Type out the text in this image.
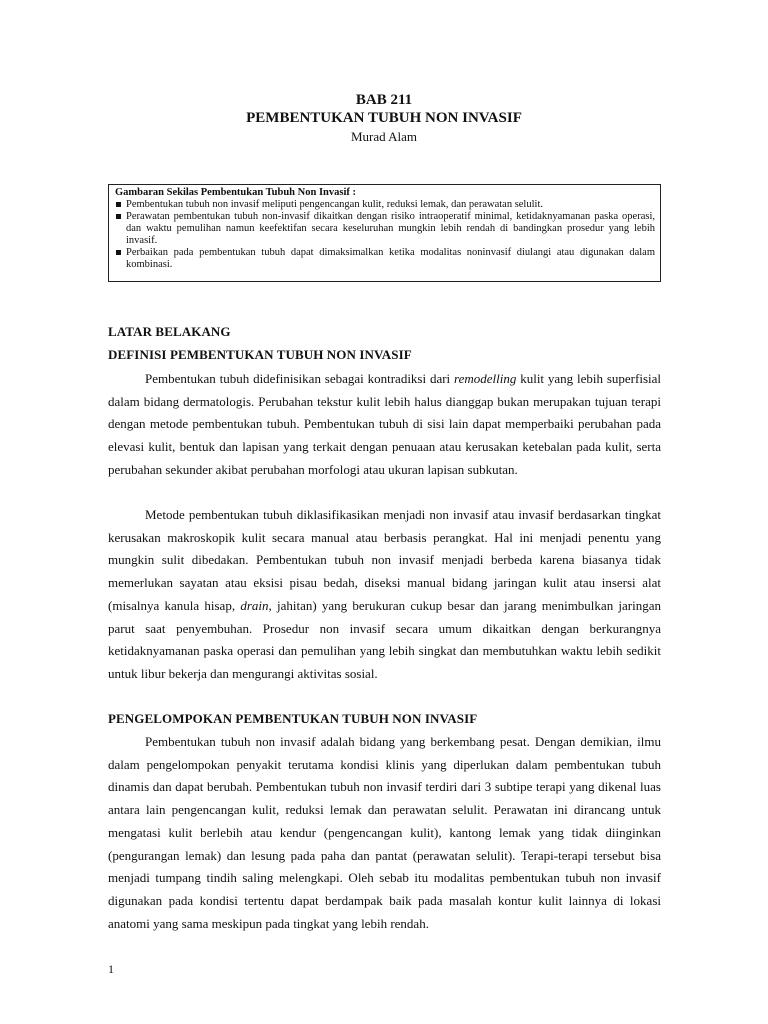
BAB 211
PEMBENTUKAN TUBUH NON INVASIF
Murad Alam
Gambaran Sekilas Pembentukan Tubuh Non Invasif :
Pembentukan tubuh non invasif meliputi pengencangan kulit, reduksi lemak, dan perawatan selulit.
Perawatan pembentukan tubuh non-invasif dikaitkan dengan risiko intraoperatif minimal, ketidaknyamanan paska operasi, dan waktu pemulihan namun keefektifan secara keseluruhan mungkin lebih rendah di bandingkan prosedur yang lebih invasif.
Perbaikan pada pembentukan tubuh dapat dimaksimalkan ketika modalitas noninvasif diulangi atau digunakan dalam kombinasi.
LATAR BELAKANG
DEFINISI PEMBENTUKAN TUBUH NON INVASIF

Pembentukan tubuh didefinisikan sebagai kontradiksi dari remodelling kulit yang lebih superfisial dalam bidang dermatologis. Perubahan tekstur kulit lebih halus dianggap bukan merupakan tujuan terapi dengan metode pembentukan tubuh. Pembentukan tubuh di sisi lain dapat memperbaiki perubahan pada elevasi kulit, bentuk dan lapisan yang terkait dengan penuaan atau kerusakan ketebalan pada kulit, serta perubahan sekunder akibat perubahan morfologi atau ukuran lapisan subkutan.

Metode pembentukan tubuh diklasifikasikan menjadi non invasif atau invasif berdasarkan tingkat kerusakan makroskopik kulit secara manual atau berbasis perangkat. Hal ini menjadi penentu yang mungkin sulit dibedakan. Pembentukan tubuh non invasif menjadi berbeda karena biasanya tidak memerlukan sayatan atau eksisi pisau bedah, diseksi manual bidang jaringan kulit atau insersi alat (misalnya kanula hisap, drain, jahitan) yang berukuran cukup besar dan jarang menimbulkan jaringan parut saat penyembuhan. Prosedur non invasif secara umum dikaitkan dengan berkurangnya ketidaknyamanan paska operasi dan pemulihan yang lebih singkat dan membutuhkan waktu lebih sedikit untuk libur bekerja dan mengurangi aktivitas sosial.

PENGELOMPOKAN PEMBENTUKAN TUBUH NON INVASIF

Pembentukan tubuh non invasif adalah bidang yang berkembang pesat. Dengan demikian, ilmu dalam pengelompokan penyakit terutama kondisi klinis yang diperlukan dalam pembentukan tubuh dinamis dan dapat berubah. Pembentukan tubuh non invasif terdiri dari 3 subtipe terapi yang dikenal luas antara lain pengencangan kulit, reduksi lemak dan perawatan selulit. Perawatan ini dirancang untuk mengatasi kulit berlebih atau kendur (pengencangan kulit), kantong lemak yang tidak diinginkan (pengurangan lemak) dan lesung pada paha dan pantat (perawatan selulit). Terapi-terapi tersebut bisa menjadi tumpang tindih saling melengkapi. Oleh sebab itu modalitas pembentukan tubuh non invasif digunakan pada kondisi tertentu dapat berdampak baik pada masalah kontur kulit lainnya di lokasi anatomi yang sama meskipun pada tingkat yang lebih rendah.

1
